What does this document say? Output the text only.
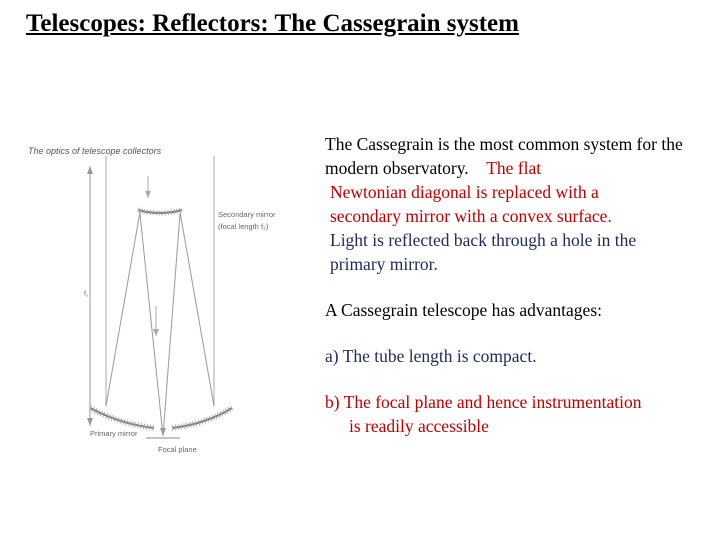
Telescopes: Reflectors: The Cassegrain system
The optics of telescope collectors
f₁
Secondary mirror
(focal length f₂)
Primary mirror
Focal plane

The Cassegrain is the most common system for the modern observatory. The flat
Newtonian diagonal is replaced with a
secondary mirror with a convex surface.
Light is reflected back through a hole in the
primary mirror.

A Cassegrain telescope has advantages:

a) The tube length is compact.

b) The focal plane and hence instrumentation
is readily accessible
